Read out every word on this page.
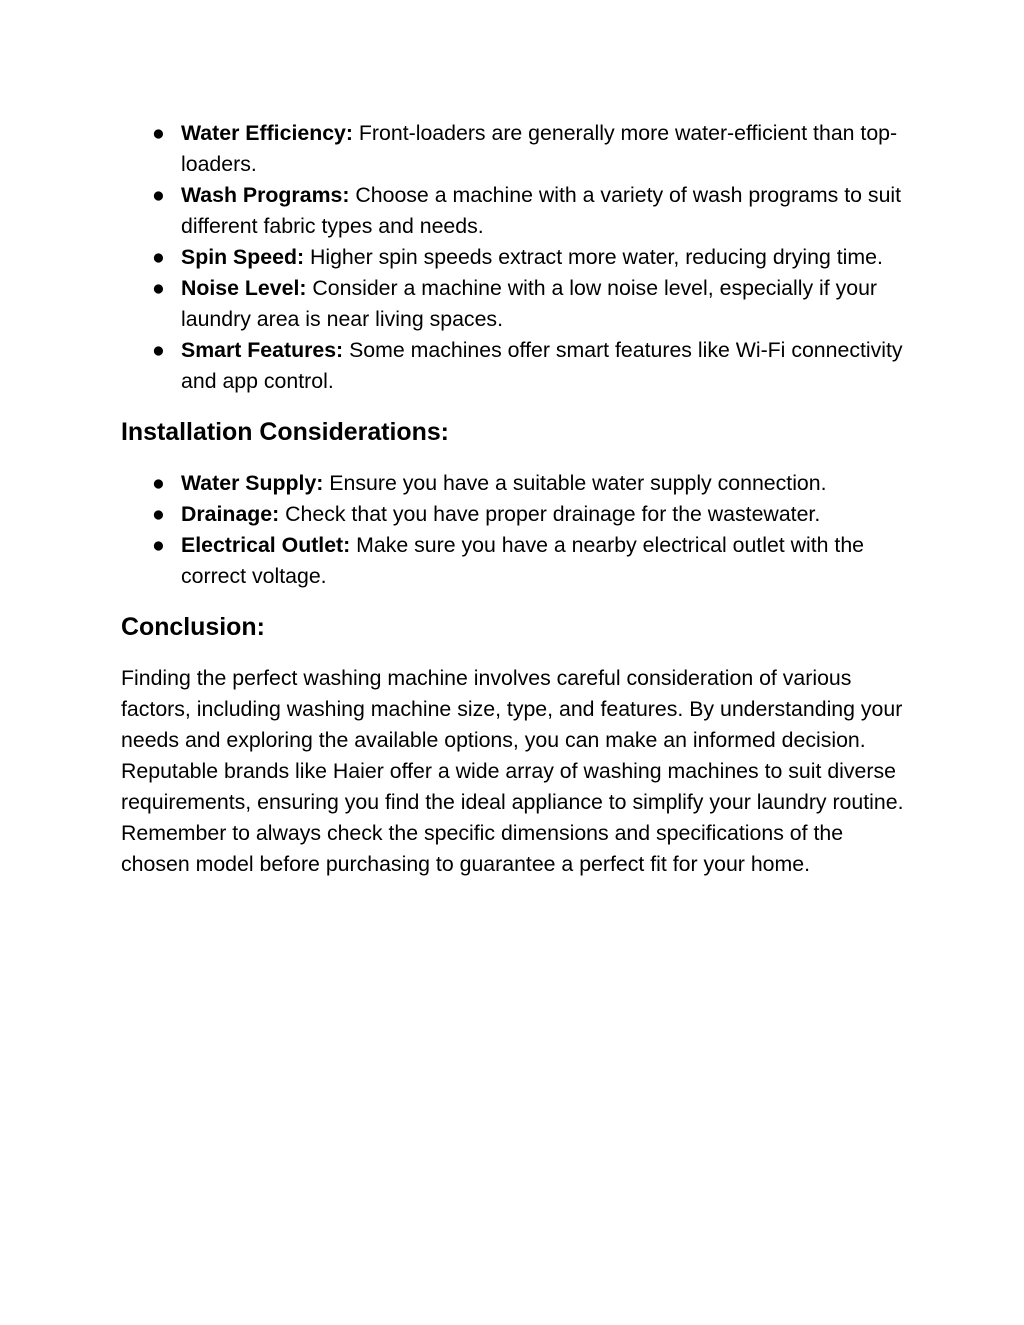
● Water Efficiency: Front-loaders are generally more water-efficient than top-loaders.
● Wash Programs: Choose a machine with a variety of wash programs to suit different fabric types and needs.
● Spin Speed: Higher spin speeds extract more water, reducing drying time.
● Noise Level: Consider a machine with a low noise level, especially if your laundry area is near living spaces.
● Smart Features: Some machines offer smart features like Wi-Fi connectivity and app control.
Installation Considerations:
● Water Supply: Ensure you have a suitable water supply connection.
● Drainage: Check that you have proper drainage for the wastewater.
● Electrical Outlet: Make sure you have a nearby electrical outlet with the correct voltage.
Conclusion:

Finding the perfect washing machine involves careful consideration of various factors, including washing machine size, type, and features. By understanding your needs and exploring the available options, you can make an informed decision. Reputable brands like Haier offer a wide array of washing machines to suit diverse requirements, ensuring you find the ideal appliance to simplify your laundry routine. Remember to always check the specific dimensions and specifications of the chosen model before purchasing to guarantee a perfect fit for your home.
